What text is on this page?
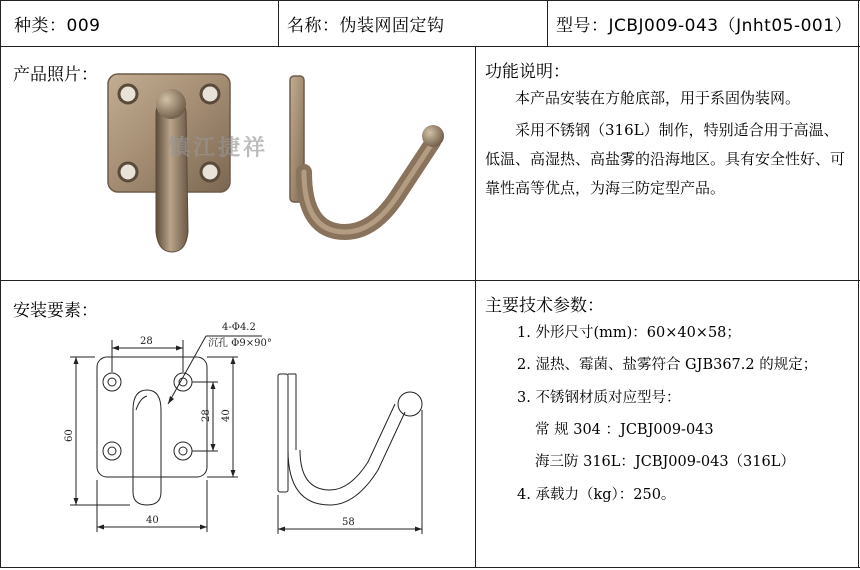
种类：009	名称：伪装网固定钩	型号：JCBJ009-043（Jnht05-001）
产品照片：
镇江捷祥
功能说明：
本产品安装在方舱底部，用于系固伪装网。
采用不锈钢（316L）制作，特别适合用于高温、低温、高湿热、高盐雾的沿海地区。具有安全性好、可靠性高等优点，为海三防定型产品。
安装要素：
28
40
60
28 40
58
4-Φ4.2
沉孔 Φ9×90°
主要技术参数：
1. 外形尺寸(mm)：60×40×58；
2. 湿热、霉菌、盐雾符合 GJB367.2 的规定；
3. 不锈钢材质对应型号：
常 规 304 ：JCBJ009-043
海三防 316L：JCBJ009-043（316L）
4. 承载力（kg）：250。
